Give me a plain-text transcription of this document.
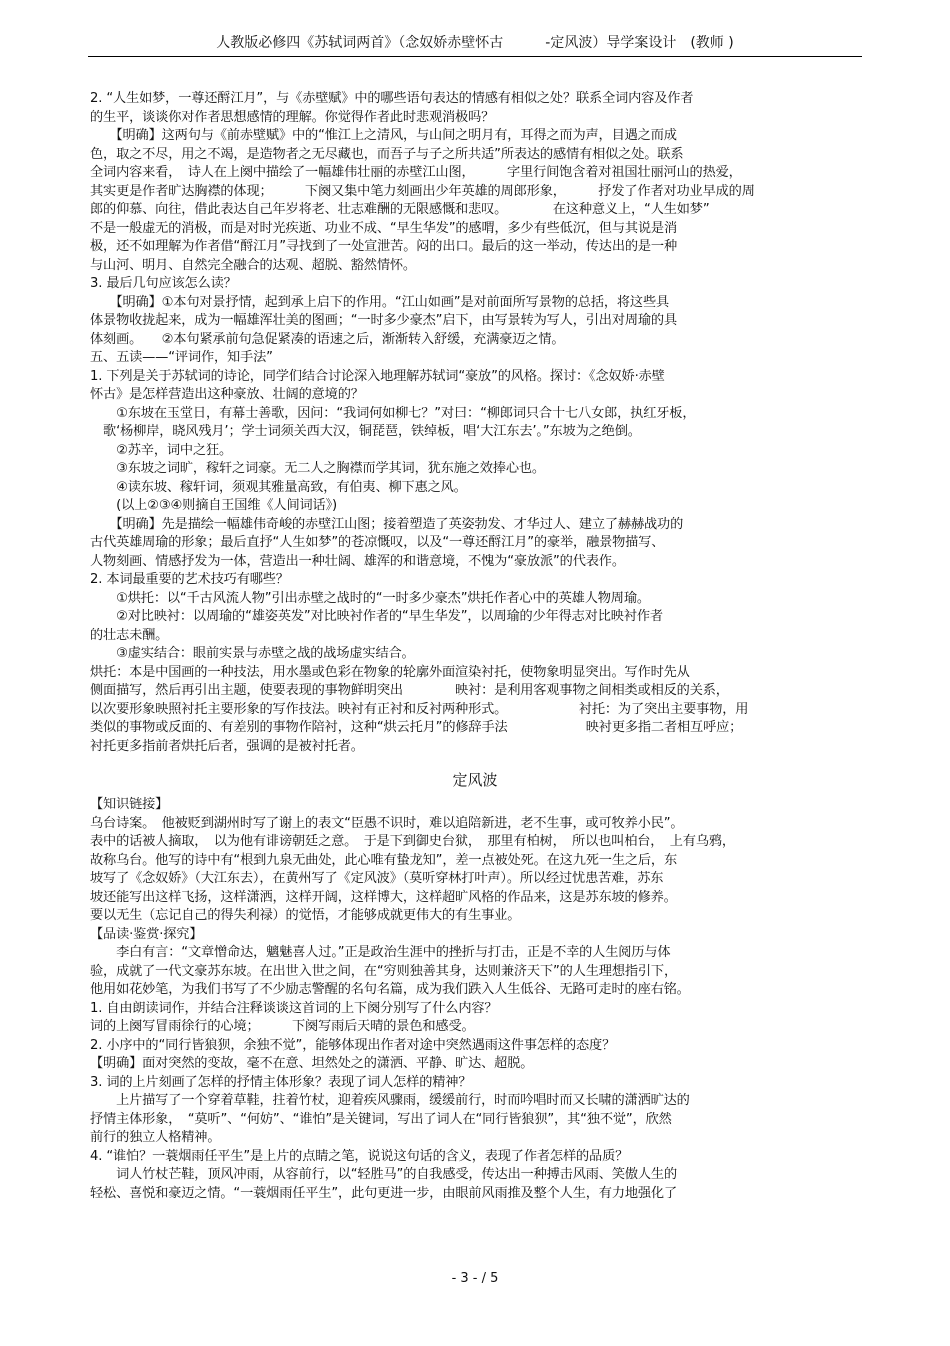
人教版必修四《苏轼词两首》（念奴娇赤壁怀古　　　-定风波）导学案设计　(教师 )
2. “人生如梦，一尊还酹江月”，与《赤壁赋》中的哪些语句表达的情感有相似之处？联系全词内容及作者
的生平，谈谈你对作者思想感情的理解。你觉得作者此时悲观消极吗？
　　【明确】这两句与《前赤壁赋》中的“惟江上之清风，与山间之明月有，耳得之而为声，目遇之而成
色，取之不尽，用之不竭，是造物者之无尽藏也，而吾子与子之所共适”所表达的感情有相似之处。联系
全词内容来看，　诗人在上阕中描绘了一幅雄伟壮丽的赤壁江山图，　　　字里行间饱含着对祖国壮丽河山的热爱，
其实更是作者旷达胸襟的体现；　　　下阕又集中笔力刻画出少年英雄的周郎形象，　　　抒发了作者对功业早成的周
郎的仰慕、向往，借此表达自己年岁将老、壮志难酬的无限感慨和悲叹。　　　　在这种意义上，“人生如梦”
不是一般虚无的消极，而是对时光疾逝、功业不成、“早生华发”的感喟，多少有些低沉，但与其说是消
极，还不如理解为作者借“酹江月”寻找到了一处宣泄苦。闷的出口。最后的这一举动，传达出的是一种
与山河、明月、自然完全融合的达观、超脱、豁然情怀。
3. 最后几句应该怎么读？
　　【明确】①本句对景抒情，起到承上启下的作用。“江山如画”是对前面所写景物的总括，将这些具
体景物收拢起来，成为一幅雄浑壮美的图画；“一时多少豪杰”启下，由写景转为写人，引出对周瑜的具
体刻画。　　②本句紧承前句急促紧凑的语速之后，渐渐转入舒缓，充满豪迈之情。
五、五读——“评词作，知手法”
1. 下列是关于苏轼词的诗论，同学们结合讨论深入地理解苏轼词“豪放”的风格。探讨：《念奴娇·赤壁
怀古》是怎样营造出这种豪放、壮阔的意境的？
　　①东坡在玉堂日，有幕士善歌，因问：“我词何如柳七？”对曰：“柳郎词只合十七八女郎，执红牙板，
　歌‘杨柳岸，晓风残月’；学士词须关西大汉，铜琵琶，铁绰板，唱‘大江东去’。”东坡为之绝倒。
　　②苏辛，词中之狂。
　　③东坡之词旷，稼轩之词豪。无二人之胸襟而学其词，犹东施之效捧心也。
　　④读东坡、稼轩词，须观其雅量高致，有伯夷、柳下惠之风。
　　(以上②③④则摘自王国维《人间词话》)
　　【明确】先是描绘一幅雄伟奇峻的赤壁江山图；接着塑造了英姿勃发、才华过人、建立了赫赫战功的
古代英雄周瑜的形象；最后直抒“人生如梦”的苍凉慨叹，以及“一尊还酹江月”的豪举，融景物描写、
人物刻画、情感抒发为一体，营造出一种壮阔、雄浑的和谐意境，不愧为“豪放派”的代表作。
2. 本词最重要的艺术技巧有哪些？
　　①烘托：以“千古风流人物”引出赤壁之战时的“一时多少豪杰”烘托作者心中的英雄人物周瑜。
　　②对比映衬：以周瑜的“雄姿英发”对比映衬作者的“早生华发”，以周瑜的少年得志对比映衬作者
的壮志未酬。
　　③虚实结合：眼前实景与赤壁之战的战场虚实结合。
烘托：本是中国画的一种技法，用水墨或色彩在物象的轮廓外面渲染衬托，使物象明显突出。写作时先从
侧面描写，然后再引出主题，使要表现的事物鲜明突出　　　　映衬：是利用客观事物之间相类或相反的关系，
以次要形象映照衬托主要形象的写作技法。映衬有正衬和反衬两种形式。　　　　　　衬托：为了突出主要事物，用
类似的事物或反面的、有差别的事物作陪衬，这种“烘云托月”的修辞手法　　　　　　映衬更多指二者相互呼应；
衬托更多指前者烘托后者，强调的是被衬托者。
定风波
【知识链接】
乌台诗案。　他被贬到湖州时写了谢上的表文“臣愚不识时，难以追陪新进，老不生事，或可牧养小民”。
表中的话被人摘取，　以为他有诽谤朝廷之意。　于是下到御史台狱，　那里有柏树，　所以也叫柏台，　上有乌鸦，
故称乌台。他写的诗中有“根到九泉无曲处，此心唯有蛰龙知”，差一点被处死。在这九死一生之后，东
坡写了《念奴娇》（大江东去），在黄州写了《定风波》（莫听穿林打叶声）。所以经过忧患苦难，苏东
坡还能写出这样飞扬，这样潇洒，这样开阔，这样博大，这样超旷风格的作品来，这是苏东坡的修养。
要以无生（忘记自己的得失利禄）的觉悟，才能够成就更伟大的有生事业。
【品读·鉴赏·探究】
　　李白有言：“文章憎命达，魑魅喜人过。”正是政治生涯中的挫折与打击，正是不幸的人生阅历与体
验，成就了一代文豪苏东坡。在出世入世之间，在“穷则独善其身，达则兼济天下”的人生理想指引下，
他用如花妙笔，为我们书写了不少励志警醒的名句名篇，成为我们跌入人生低谷、无路可走时的座右铭。
1. 自由朗读词作，并结合注释谈谈这首词的上下阕分别写了什么内容？
词的上阕写冒雨徐行的心境；　　　下阕写雨后天晴的景色和感受。
2. 小序中的“同行皆狼狈，余独不觉”，能够体现出作者对途中突然遇雨这件事怎样的态度？
【明确】面对突然的变故，毫不在意、坦然处之的潇洒、平静、旷达、超脱。
3. 词的上片刻画了怎样的抒情主体形象？表现了词人怎样的精神？
　　上片描写了一个穿着草鞋，拄着竹杖，迎着疾风骤雨，缓缓前行，时而吟唱时而又长啸的潇洒旷达的
抒情主体形象，　“莫听”、“何妨”、“谁怕”是关键词，写出了词人在“同行皆狼狈”，其“独不觉”，欣然
前行的独立人格精神。
4. “谁怕？一蓑烟雨任平生”是上片的点睛之笔，说说这句话的含义，表现了作者怎样的品质？
　　词人竹杖芒鞋，顶风冲雨，从容前行，以“轻胜马”的自我感受，传达出一种搏击风雨、笑傲人生的
轻松、喜悦和豪迈之情。“一蓑烟雨任平生”，此句更进一步，由眼前风雨推及整个人生，有力地强化了
- 3 - / 5
